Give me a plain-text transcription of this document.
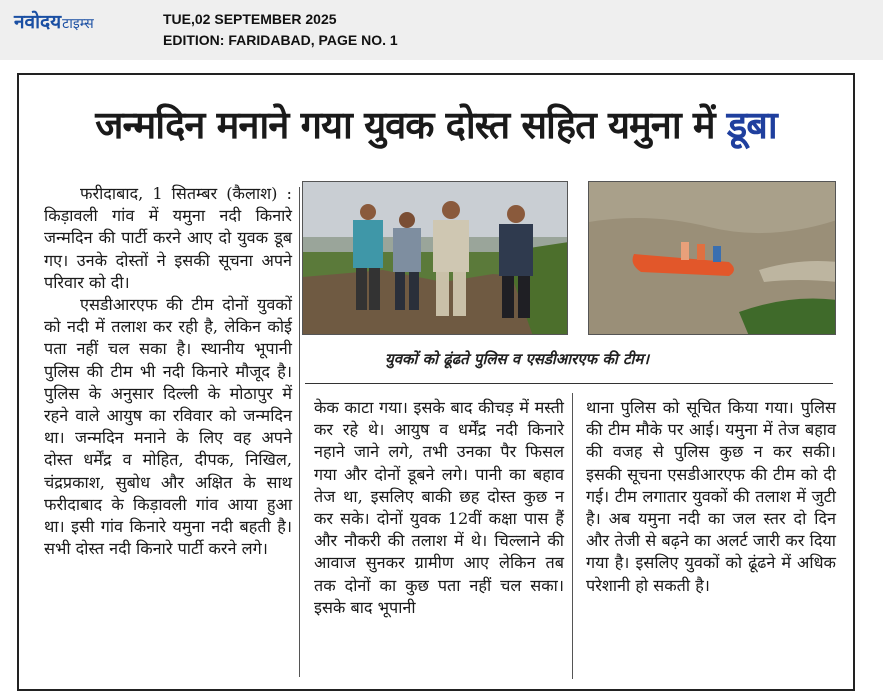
नवोदयटाइम्स	TUE,02 SEPTEMBER 2025
EDITION: FARIDABAD, PAGE NO. 1
जन्मदिन मनाने गया युवक दोस्त सहित यमुना में डूबा
युवकों को ढूंढते पुलिस व एसडीआरएफ की टीम।

फरीदाबाद, 1 सितम्बर (कैलाश) : किड़ावली गांव में यमुना नदी किनारे जन्मदिन की पार्टी करने आए दो युवक डूब गए। उनके दोस्तों ने इसकी सूचना अपने परिवार को दी।

एसडीआरएफ की टीम दोनों युवकों को नदी में तलाश कर रही है, लेकिन कोई पता नहीं चल सका है। स्थानीय भूपानी पुलिस की टीम भी नदी किनारे मौजूद है। पुलिस के अनुसार दिल्ली के मोठापुर में रहने वाले आयुष का रविवार को जन्मदिन था। जन्मदिन मनाने के लिए वह अपने दोस्त धर्मेंद्र व मोहित, दीपक, निखिल, चंद्रप्रकाश, सुबोध और अक्षित के साथ फरीदाबाद के किड़ावली गांव आया हुआ था। इसी गांव किनारे यमुना नदी बहती है। सभी दोस्त नदी किनारे पार्टी करने लगे।

केक काटा गया। इसके बाद कीचड़ में मस्ती कर रहे थे। आयुष व धर्मेंद्र नदी किनारे नहाने जाने लगे, तभी उनका पैर फिसल गया और दोनों डूबने लगे। पानी का बहाव तेज था, इसलिए बाकी छह दोस्त कुछ न कर सके। दोनों युवक 12वीं कक्षा पास हैं और नौकरी की तलाश में थे। चिल्लाने की आवाज सुनकर ग्रामीण आए लेकिन तब तक दोनों का कुछ पता नहीं चल सका। इसके बाद भूपानी

थाना पुलिस को सूचित किया गया। पुलिस की टीम मौके पर आई। यमुना में तेज बहाव की वजह से पुलिस कुछ न कर सकी। इसकी सूचना एसडीआरएफ की टीम को दी गई। टीम लगातार युवकों की तलाश में जुटी है। अब यमुना नदी का जल स्तर दो दिन और तेजी से बढ़ने का अलर्ट जारी कर दिया गया है। इसलिए युवकों को ढूंढने में अधिक परेशानी हो सकती है।
